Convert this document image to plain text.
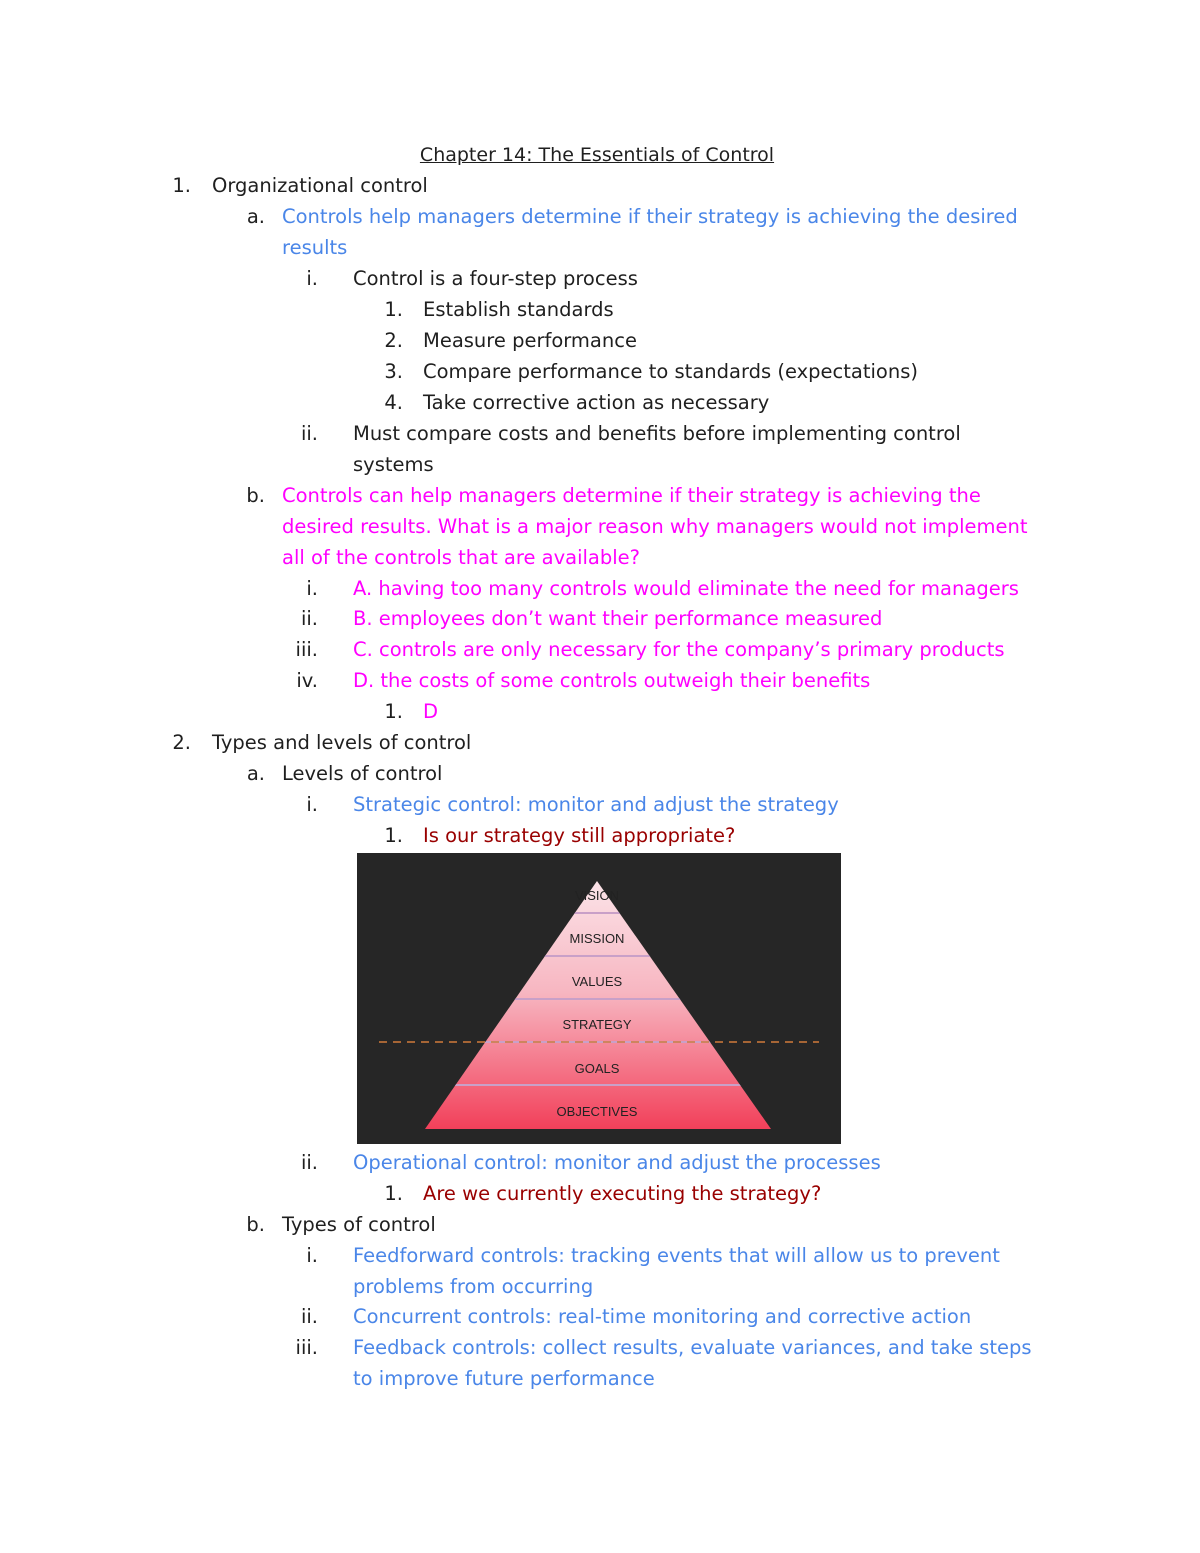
Chapter 14: The Essentials of Control
1. Organizational control
a. Controls help managers determine if their strategy is achieving the desired
results
i. Control is a four-step process
1. Establish standards
2. Measure performance
3. Compare performance to standards (expectations)
4. Take corrective action as necessary
ii. Must compare costs and benefits before implementing control
systems
b. Controls can help managers determine if their strategy is achieving the
desired results. What is a major reason why managers would not implement
all of the controls that are available?
i. A. having too many controls would eliminate the need for managers
ii. B. employees don’t want their performance measured
iii. C. controls are only necessary for the company’s primary products
iv. D. the costs of some controls outweigh their benefits
1. D
2. Types and levels of control
a. Levels of control
i. Strategic control: monitor and adjust the strategy
1. Is our strategy still appropriate?
VISION
MISSION
VALUES
STRATEGY
GOALS
OBJECTIVES
ii. Operational control: monitor and adjust the processes
1. Are we currently executing the strategy?
b. Types of control
i. Feedforward controls: tracking events that will allow us to prevent
problems from occurring
ii. Concurrent controls: real-time monitoring and corrective action
iii. Feedback controls: collect results, evaluate variances, and take steps
to improve future performance
